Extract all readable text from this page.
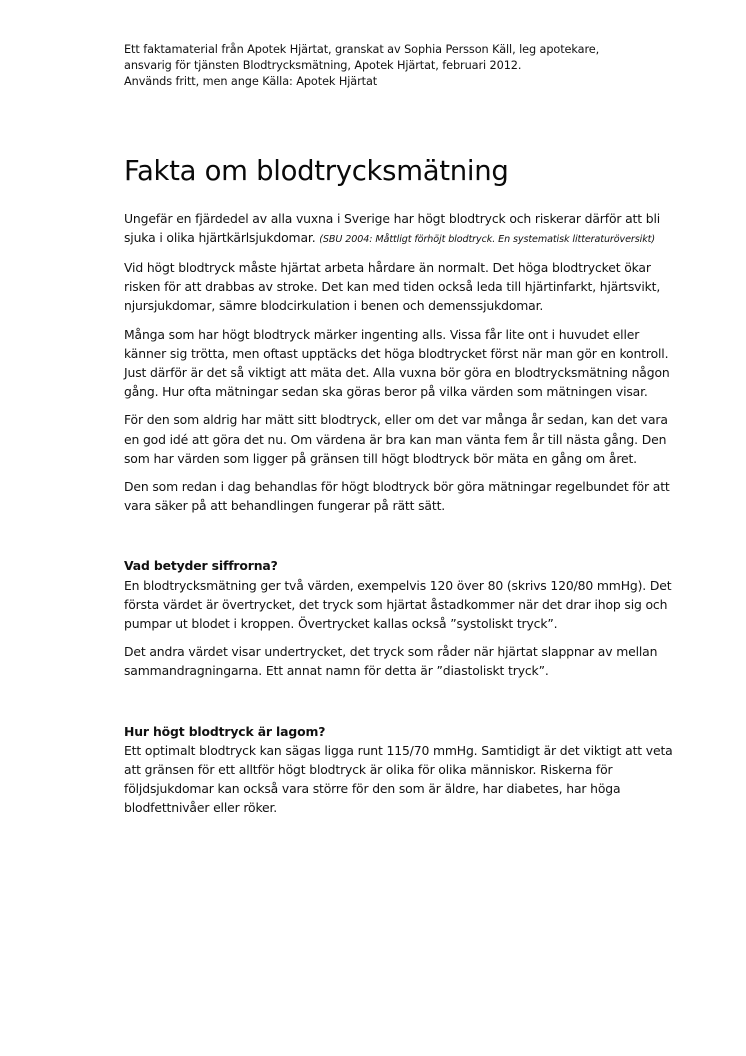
Ett faktamaterial från Apotek Hjärtat, granskat av Sophia Persson Käll, leg apotekare,
ansvarig för tjänsten Blodtrycksmätning, Apotek Hjärtat, februari 2012.
Används fritt, men ange Källa: Apotek Hjärtat
Fakta om blodtrycksmätning

Ungefär en fjärdedel av alla vuxna i Sverige har högt blodtryck och riskerar därför att bli sjuka i olika hjärtkärlsjukdomar. (SBU 2004: Måttligt förhöjt blodtryck. En systematisk litteraturöversikt)

Vid högt blodtryck måste hjärtat arbeta hårdare än normalt. Det höga blodtrycket ökar risken för att drabbas av stroke. Det kan med tiden också leda till hjärtinfarkt, hjärtsvikt, njursjukdomar, sämre blodcirkulation i benen och demenssjukdomar.

Många som har högt blodtryck märker ingenting alls. Vissa får lite ont i huvudet eller känner sig trötta, men oftast upptäcks det höga blodtrycket först när man gör en kontroll. Just därför är det så viktigt att mäta det. Alla vuxna bör göra en blodtrycksmätning någon gång. Hur ofta mätningar sedan ska göras beror på vilka värden som mätningen visar.

För den som aldrig har mätt sitt blodtryck, eller om det var många år sedan, kan det vara en god idé att göra det nu. Om värdena är bra kan man vänta fem år till nästa gång. Den som har värden som ligger på gränsen till högt blodtryck bör mäta en gång om året.

Den som redan i dag behandlas för högt blodtryck bör göra mätningar regelbundet för att vara säker på att behandlingen fungerar på rätt sätt.

Vad betyder siffrorna?

En blodtrycksmätning ger två värden, exempelvis 120 över 80 (skrivs 120/80 mmHg). Det första värdet är övertrycket, det tryck som hjärtat åstadkommer när det drar ihop sig och pumpar ut blodet i kroppen. Övertrycket kallas också ”systoliskt tryck”.

Det andra värdet visar undertrycket, det tryck som råder när hjärtat slappnar av mellan sammandragningarna. Ett annat namn för detta är ”diastoliskt tryck”.

Hur högt blodtryck är lagom?

Ett optimalt blodtryck kan sägas ligga runt 115/70 mmHg. Samtidigt är det viktigt att veta att gränsen för ett alltför högt blodtryck är olika för olika människor. Riskerna för följdsjukdomar kan också vara större för den som är äldre, har diabetes, har höga blodfettnivåer eller röker.
